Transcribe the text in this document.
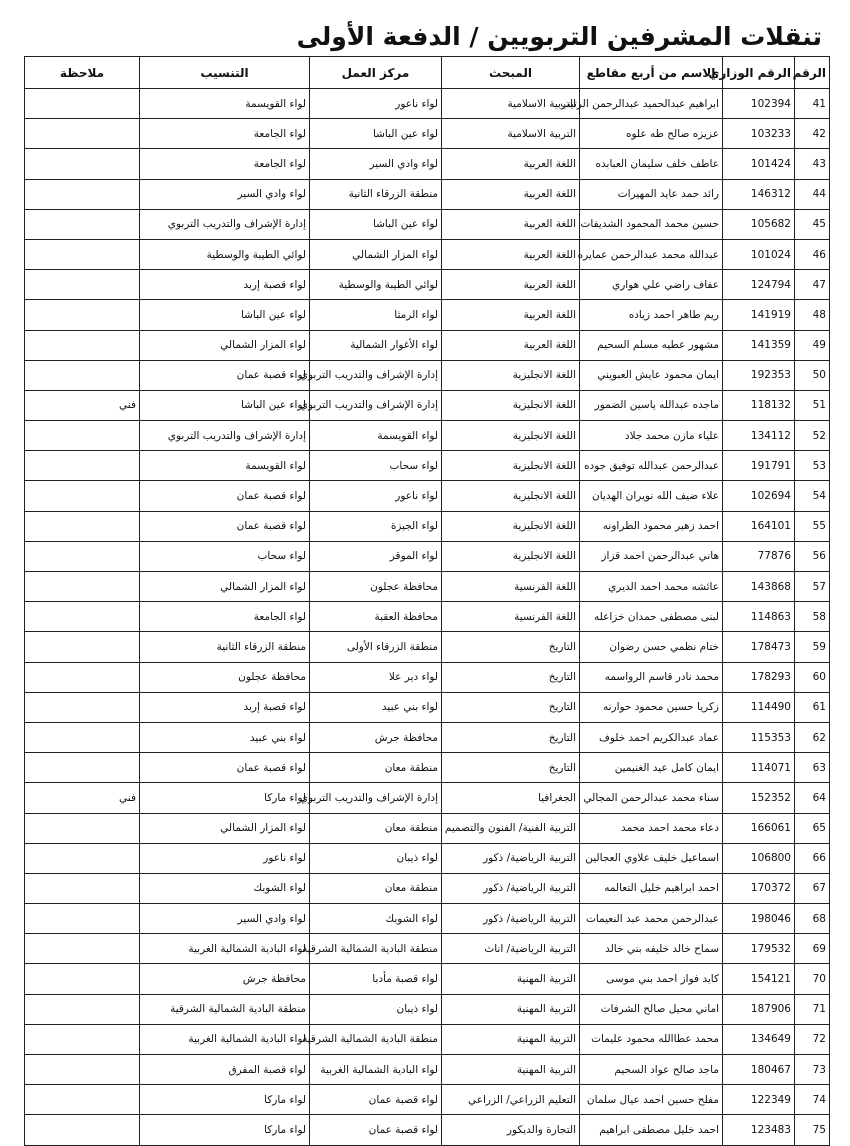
تنقلات المشرفين التربويين / الدفعة الأولى
الرقم	الرقم الوزاري	الاسم من أربع مقاطع	المبحث	مركز العمل	التنسيب	ملاحظة
41	102394	ابراهيم عبدالحميد عبدالرحمن الرتيب	التربية الاسلامية	لواء ناعور	لواء القويسمة	
42	103233	عزيزه صالح طه علوه	التربية الاسلامية	لواء عين الباشا	لواء الجامعة	
43	101424	عاطف خلف سليمان العبابده	اللغة العربية	لواء وادي السير	لواء الجامعة	
44	146312	رائد حمد عايد المهيرات	اللغة العربية	منطقة الزرقاء الثانية	لواء وادي السير	
45	105682	حسين محمد المحمود الشديفات	اللغة العربية	لواء عين الباشا	إدارة الإشراف والتدريب التربوي	
46	101024	عبدالله محمد عبدالرحمن عمايره	اللغة العربية	لواء المزار الشمالي	لوائي الطيبة والوسطية	
47	124794	عفاف راضي علي هواري	اللغة العربية	لوائي الطيبة والوسطية	لواء قصبة إربد	
48	141919	ريم طاهر احمد زياده	اللغة العربية	لواء الرمثا	لواء عين الباشا	
49	141359	مشهور عطيه مسلم السحيم	اللغة العربية	لواء الأغوار الشمالية	لواء المزار الشمالي	
50	192353	ايمان محمود عايش العبويني	اللغة الانجليزية	إدارة الإشراف والتدريب التربوي	لواء قصبة عمان	
51	118132	ماجده عبدالله ياسين الضمور	اللغة الانجليزية	إدارة الإشراف والتدريب التربوي	لواء عين الباشا	فني
52	134112	علياء مازن محمد جلاد	اللغة الانجليزية	لواء القويسمة	إدارة الإشراف والتدريب التربوي	
53	191791	عبدالرحمن عبدالله توفيق جوده	اللغة الانجليزية	لواء سحاب	لواء القويسمة	
54	102694	علاء ضيف الله نويران الهديان	اللغة الانجليزية	لواء ناعور	لواء قصبة عمان	
55	164101	احمد زهير محمود الطراونه	اللغة الانجليزية	لواء الجيزة	لواء قصبة عمان	
56	77876	هاني عبدالرحمن احمد قزاز	اللغة الانجليزية	لواء الموقر	لواء سحاب	
57	143868	عائشه محمد احمد الديري	اللغة الفرنسية	محافظة عجلون	لواء المزار الشمالي	
58	114863	لبنى مصطفى حمدان خزاعله	اللغة الفرنسية	محافظة العقبة	لواء الجامعة	
59	178473	ختام نظمي حسن رضوان	التاريخ	منطقة الزرقاء الأولى	منطقة الزرقاء الثانية	
60	178293	محمد نادر قاسم الرواسمه	التاريخ	لواء دير علا	محافظة عجلون	
61	114490	زكريا حسين محمود حوارنه	التاريخ	لواء بني عبيد	لواء قصبة إربد	
62	115353	عماد عبدالكريم احمد خلوف	التاريخ	محافظة جرش	لواء بني عبيد	
63	114071	ايمان كامل عيد الغنيمين	التاريخ	منطقة معان	لواء قصبة عمان	
64	152352	سناء محمد عبدالرحمن المجالي	الجغرافيا	إدارة الإشراف والتدريب التربوي	لواء ماركا	فني
65	166061	دعاء محمد احمد محمد	التربية الفنية/ الفنون والتصميم	منطقة معان	لواء المزار الشمالي	
66	106800	اسماعيل خليف علاوي العجالين	التربية الرياضية/ ذكور	لواء ذيبان	لواء ناعور	
67	170372	احمد ابراهيم خليل التعالمه	التربية الرياضية/ ذكور	منطقة معان	لواء الشوبك	
68	198046	عبدالرحمن محمد عبد النعيمات	التربية الرياضية/ ذكور	لواء الشوبك	لواء وادي السير	
69	179532	سماح خالد خليفه بني خالد	التربية الرياضية/ اناث	منطقة البادية الشمالية الشرقية	لواء البادية الشمالية الغربية	
70	154121	كايد فواز احمد بني موسى	التربية المهنية	لواء قصبة مأدبا	محافظة جرش	
71	187906	اماني محيل صالح الشرفات	التربية المهنية	لواء ذيبان	منطقة البادية الشمالية الشرقية	
72	134649	محمد عطاالله محمود عليمات	التربية المهنية	منطقة البادية الشمالية الشرقية	لواء البادية الشمالية الغربية	
73	180467	ماجد صالح عواد السحيم	التربية المهنية	لواء البادية الشمالية الغربية	لواء قصبة المفرق	
74	122349	مفلح حسين احمد عيال سلمان	التعليم الزراعي/ الزراعي	لواء قصبة عمان	لواء ماركا	
75	123483	احمد خليل مصطفى ابراهيم	التجارة والديكور	لواء قصبة عمان	لواء ماركا	
